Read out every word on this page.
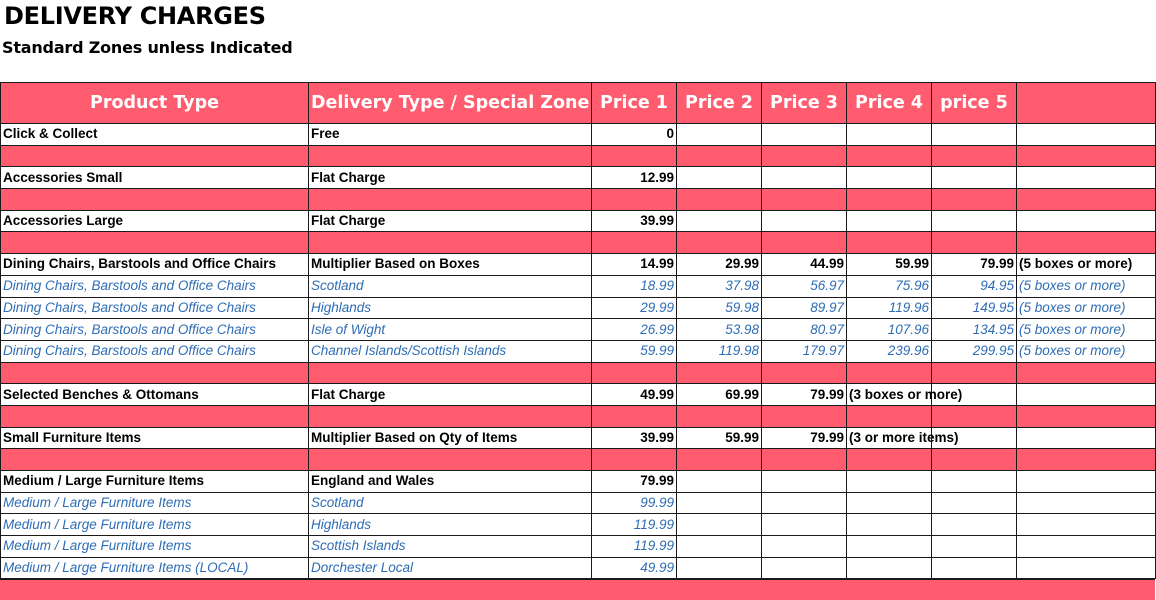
DELIVERY CHARGES
Standard Zones unless Indicated
Product Type	Delivery Type / Special Zone	Price 1	Price 2	Price 3	Price 4	price 5	
Click & Collect	Free	0					

Accessories Small	Flat Charge	12.99					

Accessories Large	Flat Charge	39.99					

Dining Chairs, Barstools and Office Chairs	Multiplier Based on Boxes	14.99	29.99	44.99	59.99	79.99	(5 boxes or more)
Dining Chairs, Barstools and Office Chairs	Scotland	18.99	37.98	56.97	75.96	94.95	(5 boxes or more)
Dining Chairs, Barstools and Office Chairs	Highlands	29.99	59.98	89.97	119.96	149.95	(5 boxes or more)
Dining Chairs, Barstools and Office Chairs	Isle of Wight	26.99	53.98	80.97	107.96	134.95	(5 boxes or more)
Dining Chairs, Barstools and Office Chairs	Channel Islands/Scottish Islands	59.99	119.98	179.97	239.96	299.95	(5 boxes or more)

Selected Benches & Ottomans	Flat Charge	49.99	69.99	79.99	(3 boxes or more)		

Small Furniture Items	Multiplier Based on Qty of Items	39.99	59.99	79.99	(3 or more items)		

Medium / Large Furniture Items	England and Wales	79.99					
Medium / Large Furniture Items	Scotland	99.99					
Medium / Large Furniture Items	Highlands	119.99					
Medium / Large Furniture Items	Scottish Islands	119.99					
Medium / Large Furniture Items (LOCAL)	Dorchester Local	49.99					
